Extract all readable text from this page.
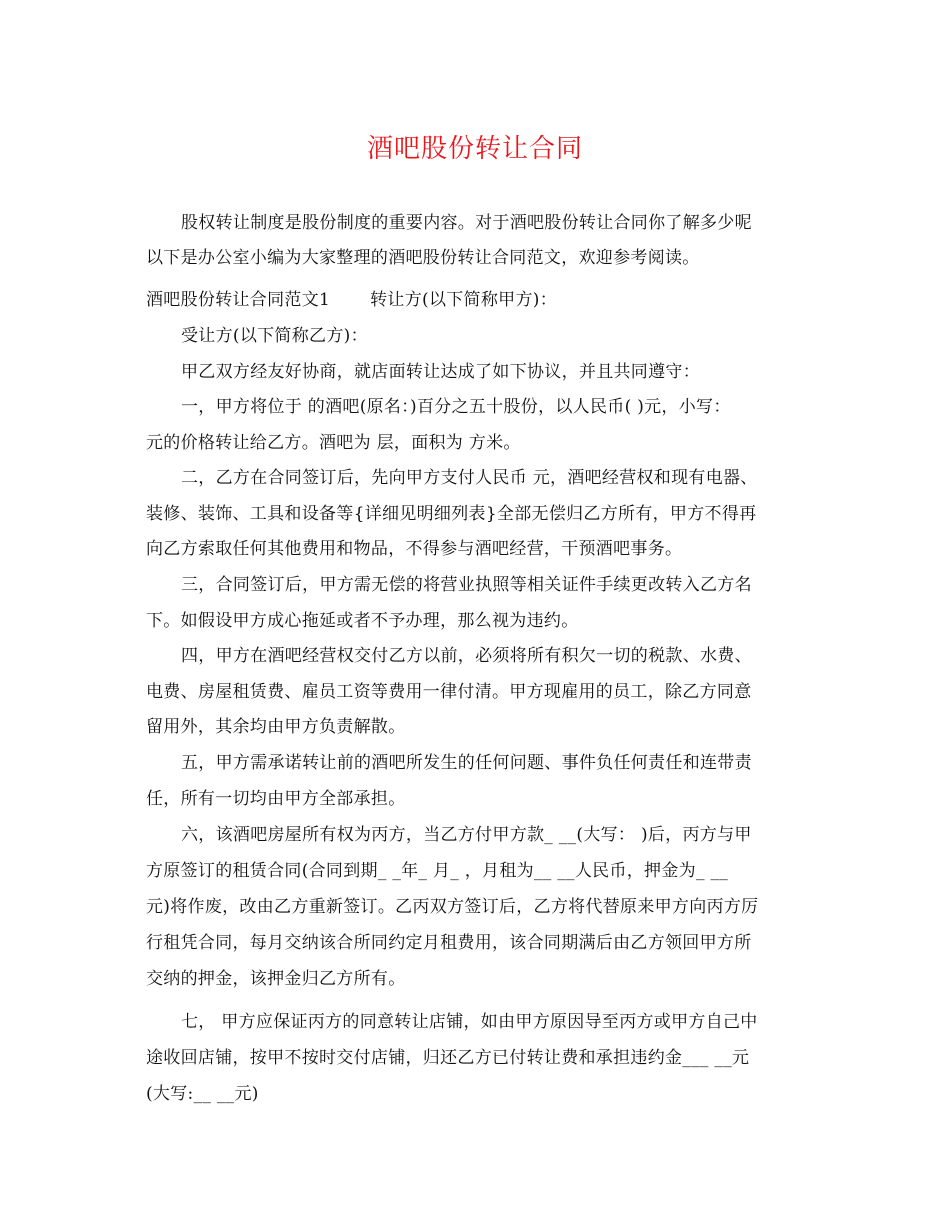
酒吧股份转让合同
股权转让制度是股份制度的重要内容。对于酒吧股份转让合同你了解多少呢
以下是办公室小编为大家整理的酒吧股份转让合同范文，欢迎参考阅读。
酒吧股份转让合同范文1 转让方(以下简称甲方)：
受让方(以下简称乙方)：
甲乙双方经友好协商，就店面转让达成了如下协议，并且共同遵守：
一，甲方将位于 的酒吧(原名：)百分之五十股份，以人民币( )元，小写：
元的价格转让给乙方。酒吧为 层，面积为 方米。
二，乙方在合同签订后，先向甲方支付人民币 元，酒吧经营权和现有电器、
装修、装饰、工具和设备等{详细见明细列表}全部无偿归乙方所有，甲方不得再
向乙方索取任何其他费用和物品，不得参与酒吧经营，干预酒吧事务。
三，合同签订后，甲方需无偿的将营业执照等相关证件手续更改转入乙方名
下。如假设甲方成心拖延或者不予办理，那么视为违约。
四，甲方在酒吧经营权交付乙方以前，必须将所有积欠一切的税款、水费、
电费、房屋租赁费、雇员工资等费用一律付清。甲方现雇用的员工，除乙方同意
留用外，其余均由甲方负责解散。
五，甲方需承诺转让前的酒吧所发生的任何问题、事件负任何责任和连带责
任，所有一切均由甲方全部承担。
六，该酒吧房屋所有权为丙方，当乙方付甲方款_ __(大写： )后，丙方与甲
方原签订的租赁合同(合同到期_ _年_ 月_ ，月租为__ __人民币，押金为_ __
元)将作废，改由乙方重新签订。乙丙双方签订后，乙方将代替原来甲方向丙方厉
行租凭合同，每月交纳该合所同约定月租费用，该合同期满后由乙方领回甲方所
交纳的押金，该押金归乙方所有。
七， 甲方应保证丙方的同意转让店铺，如由甲方原因导至丙方或甲方自己中
途收回店铺，按甲不按时交付店铺，归还乙方已付转让费和承担违约金___ __元
(大写:__ __元)
